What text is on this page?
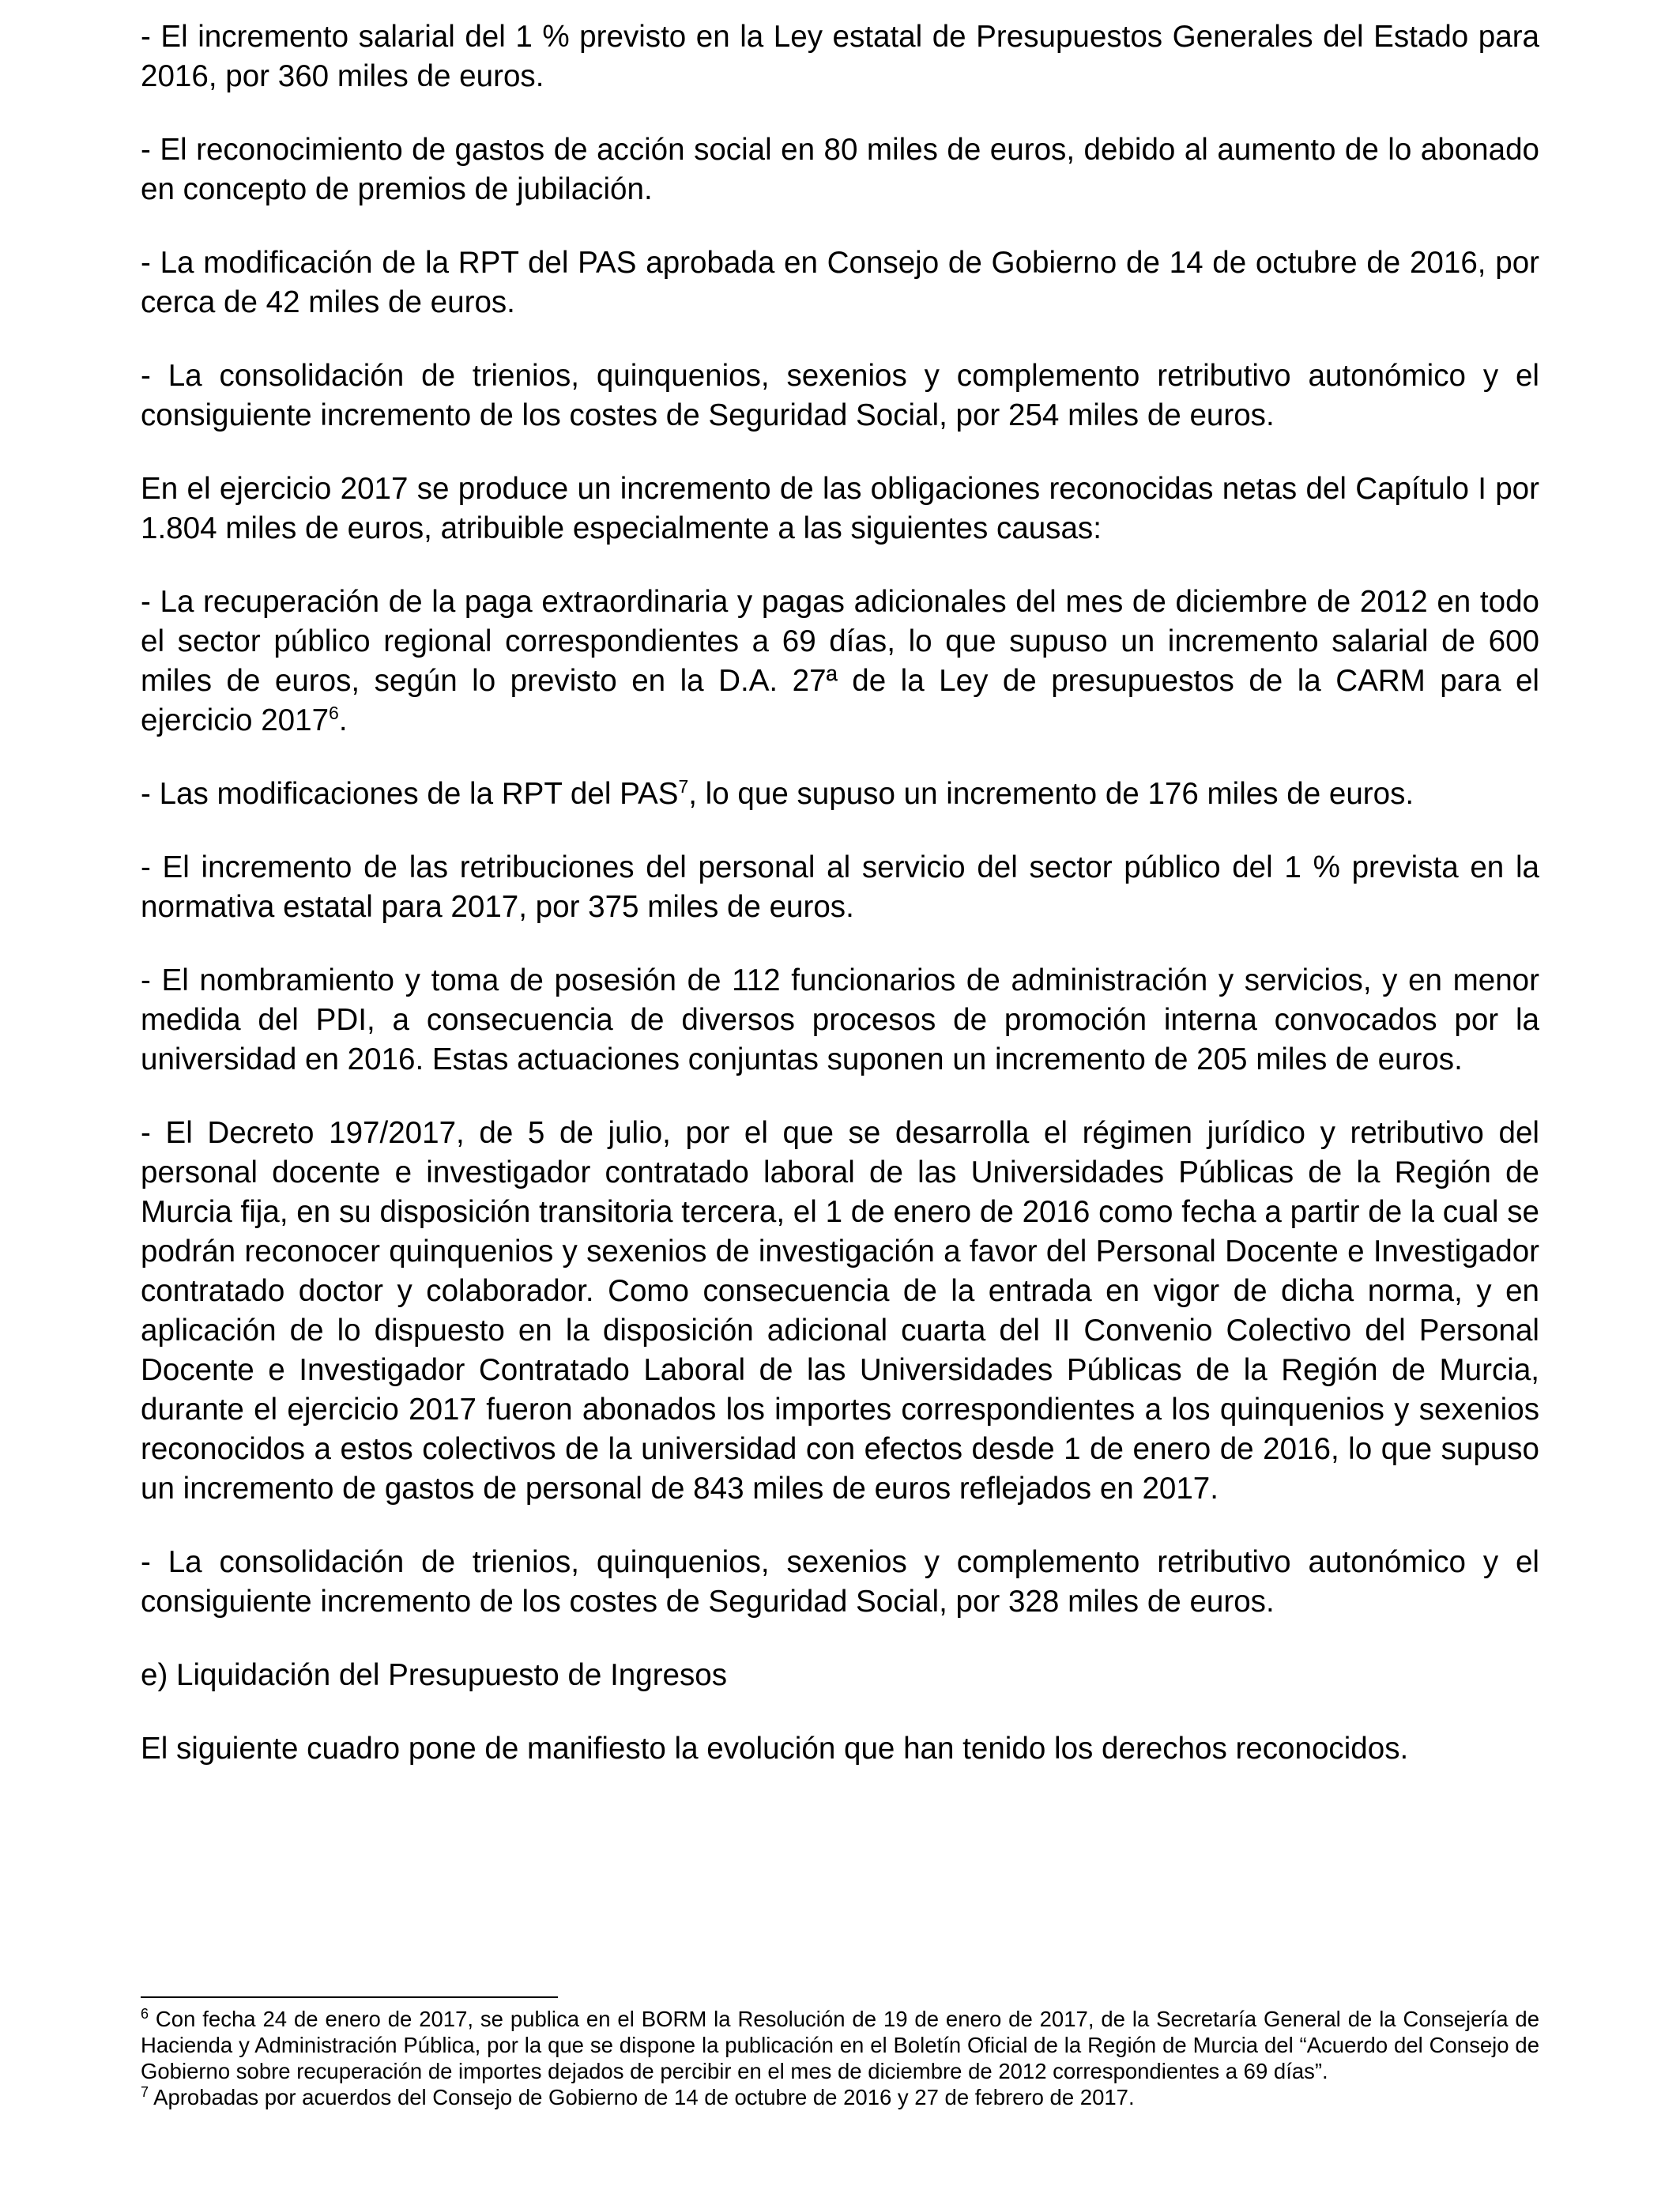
- El incremento salarial del 1 % previsto en la Ley estatal de Presupuestos Generales del Estado para 2016, por 360 miles de euros.

- El reconocimiento de gastos de acción social en 80 miles de euros, debido al aumento de lo abonado en concepto de premios de jubilación.

- La modificación de la RPT del PAS aprobada en Consejo de Gobierno de 14 de octubre de 2016, por cerca de 42 miles de euros.

- La consolidación de trienios, quinquenios, sexenios y complemento retributivo autonómico y el consiguiente incremento de los costes de Seguridad Social, por 254 miles de euros.

En el ejercicio 2017 se produce un incremento de las obligaciones reconocidas netas del Capítulo I por 1.804 miles de euros, atribuible especialmente a las siguientes causas:

- La recuperación de la paga extraordinaria y pagas adicionales del mes de diciembre de 2012 en todo el sector público regional correspondientes a 69 días, lo que supuso un incremento salarial de 600 miles de euros, según lo previsto en la D.A. 27ª de la Ley de presupuestos de la CARM para el ejercicio 2017$^6$.

- Las modificaciones de la RPT del PAS$^7$, lo que supuso un incremento de 176 miles de euros.

- El incremento de las retribuciones del personal al servicio del sector público del 1 % prevista en la normativa estatal para 2017, por 375 miles de euros.

- El nombramiento y toma de posesión de 112 funcionarios de administración y servicios, y en menor medida del PDI, a consecuencia de diversos procesos de promoción interna convocados por la universidad en 2016. Estas actuaciones conjuntas suponen un incremento de 205 miles de euros.

- El Decreto 197/2017, de 5 de julio, por el que se desarrolla el régimen jurídico y retributivo del personal docente e investigador contratado laboral de las Universidades Públicas de la Región de Murcia fija, en su disposición transitoria tercera, el 1 de enero de 2016 como fecha a partir de la cual se podrán reconocer quinquenios y sexenios de investigación a favor del Personal Docente e Investigador contratado doctor y colaborador. Como consecuencia de la entrada en vigor de dicha norma, y en aplicación de lo dispuesto en la disposición adicional cuarta del II Convenio Colectivo del Personal Docente e Investigador Contratado Laboral de las Universidades Públicas de la Región de Murcia, durante el ejercicio 2017 fueron abonados los importes correspondientes a los quinquenios y sexenios reconocidos a estos colectivos de la universidad con efectos desde 1 de enero de 2016, lo que supuso un incremento de gastos de personal de 843 miles de euros reflejados en 2017.

- La consolidación de trienios, quinquenios, sexenios y complemento retributivo autonómico y el consiguiente incremento de los costes de Seguridad Social, por 328 miles de euros.

e) Liquidación del Presupuesto de Ingresos

El siguiente cuadro pone de manifiesto la evolución que han tenido los derechos reconocidos.

$^6$ Con fecha 24 de enero de 2017, se publica en el BORM la Resolución de 19 de enero de 2017, de la Secretaría General de la Consejería de Hacienda y Administración Pública, por la que se dispone la publicación en el Boletín Oficial de la Región de Murcia del “Acuerdo del Consejo de Gobierno sobre recuperación de importes dejados de percibir en el mes de diciembre de 2012 correspondientes a 69 días”.

$^7$ Aprobadas por acuerdos del Consejo de Gobierno de 14 de octubre de 2016 y 27 de febrero de 2017.
